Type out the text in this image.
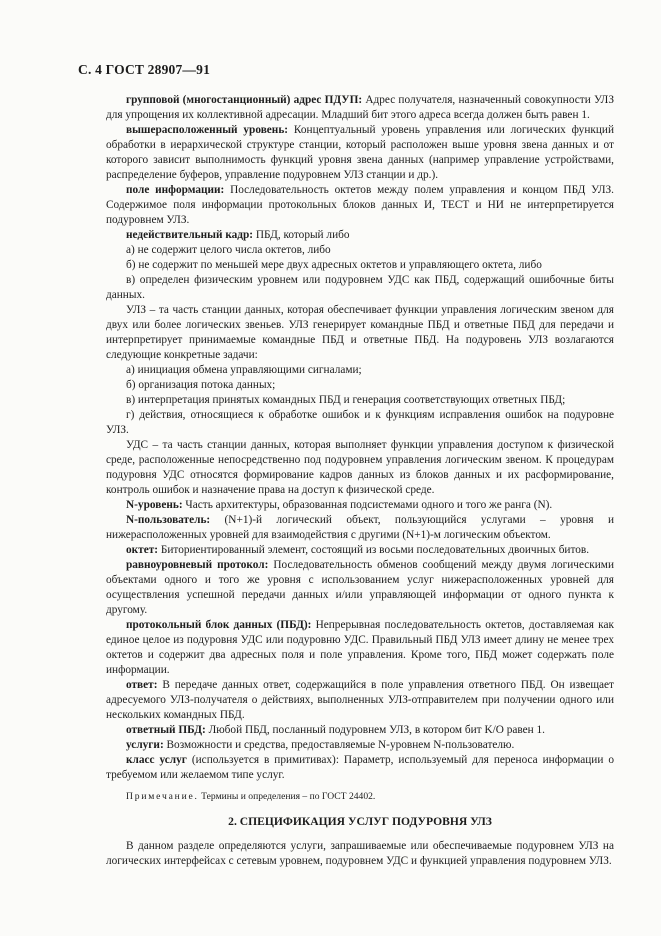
С. 4 ГОСТ 28907—91

групповой (многостанционный) адрес ПДУП: Адрес получателя, назначенный совокупности УЛЗ для упрощения их коллективной адресации. Младший бит этого адреса всегда должен быть равен 1.

вышерасположенный уровень: Концептуальный уровень управления или логических функций обработки в иерархической структуре станции, который расположен выше уровня звена данных и от которого зависит выполнимость функций уровня звена данных (например управление устройствами, распределение буферов, управление подуровнем УЛЗ станции и др.).

поле информации: Последовательность октетов между полем управления и концом ПБД УЛЗ. Содержимое поля информации протокольных блоков данных И, ТЕСТ и НИ не интерпретируется подуровнем УЛЗ.

недействительный кадр: ПБД, который либо

а) не содержит целого числа октетов, либо

б) не содержит по меньшей мере двух адресных октетов и управляющего октета, либо

в) определен физическим уровнем или подуровнем УДС как ПБД, содержащий ошибочные биты данных.

УЛЗ – та часть станции данных, которая обеспечивает функции управления логическим звеном для двух или более логических звеньев. УЛЗ генерирует командные ПБД и ответные ПБД для передачи и интерпретирует принимаемые командные ПБД и ответные ПБД. На подуровень УЛЗ возлагаются следующие конкретные задачи:

а) инициация обмена управляющими сигналами;

б) организация потока данных;

в) интерпретация принятых командных ПБД и генерация соответствующих ответных ПБД;

г) действия, относящиеся к обработке ошибок и к функциям исправления ошибок на подуровне УЛЗ.

УДС – та часть станции данных, которая выполняет функции управления доступом к физической среде, расположенные непосредственно под подуровнем управления логическим звеном. К процедурам подуровня УДС относятся формирование кадров данных из блоков данных и их расформирование, контроль ошибок и назначение права на доступ к физической среде.

N-уровень: Часть архитектуры, образованная подсистемами одного и того же ранга (N).

N-пользователь: (N+1)-й логический объект, пользующийся услугами – уровня и нижерасположенных уровней для взаимодействия с другими (N+1)-м логическим объектом.

октет: Биториентированный элемент, состоящий из восьми последовательных двоичных битов.

равноуровневый протокол: Последовательность обменов сообщений между двумя логическими объектами одного и того же уровня с использованием услуг нижерасположенных уровней для осуществления успешной передачи данных и/или управляющей информации от одного пункта к другому.

протокольный блок данных (ПБД): Непрерывная последовательность октетов, доставляемая как единое целое из подуровня УДС или подуровню УДС. Правильный ПБД УЛЗ имеет длину не менее трех октетов и содержит два адресных поля и поле управления. Кроме того, ПБД может содержать поле информации.

ответ: В передаче данных ответ, содержащийся в поле управления ответного ПБД. Он извещает адресуемого УЛЗ-получателя о действиях, выполненных УЛЗ-отправителем при получении одного или нескольких командных ПБД.

ответный ПБД: Любой ПБД, посланный подуровнем УЛЗ, в котором бит K/O равен 1.

услуги: Возможности и средства, предоставляемые N-уровнем N-пользователю.

класс услуг (используется в примитивах): Параметр, используемый для переноса информации о требуемом или желаемом типе услуг.

Примечание. Термины и определения – по ГОСТ 24402.

2. СПЕЦИФИКАЦИЯ УСЛУГ ПОДУРОВНЯ УЛЗ

В данном разделе определяются услуги, запрашиваемые или обеспечиваемые подуровнем УЛЗ на логических интерфейсах с сетевым уровнем, подуровнем УДС и функцией управления подуровнем УЛЗ.
